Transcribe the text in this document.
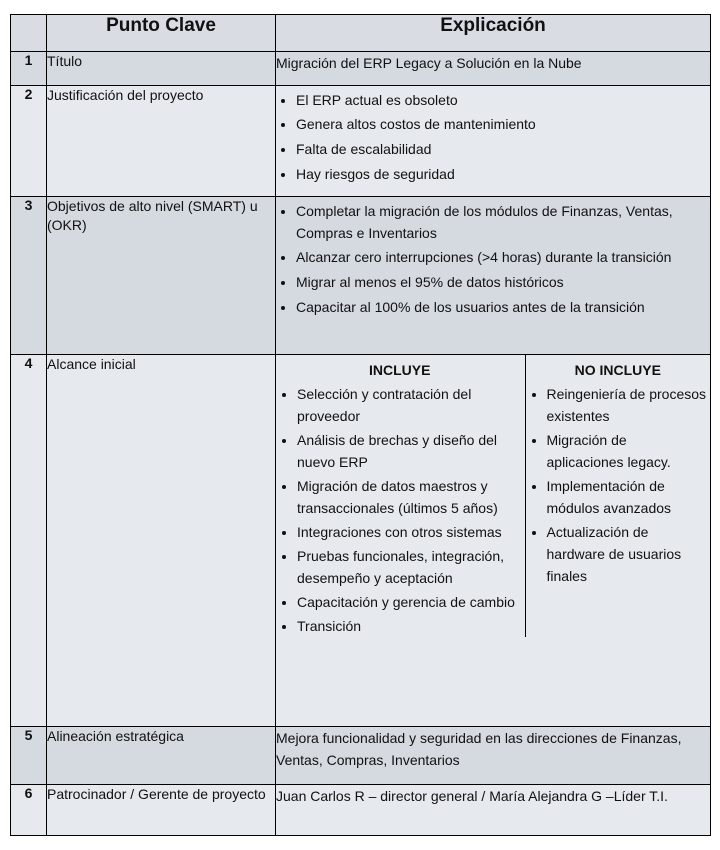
	Punto Clave	Explicación
1	Título	Migración del ERP Legacy a Solución en la Nube
2	Justificación del proyecto	
•El ERP actual es obsoleto
• Genera altos costos de mantenimiento
• Falta de escalabilidad
• Hay riesgos de seguridad

3	Objetivos de alto nivel (SMART) u (OKR)	
• Completar la migración de los módulos de Finanzas, Ventas, Compras e Inventarios
• Alcanzar cero interrupciones (>4 horas) durante la transición
• Migrar al menos el 95% de datos históricos
• Capacitar al 100% de los usuarios antes de la transición

4	Alcance inicial		INCLUYE
• Selección y contratación del proveedor
• Análisis de brechas y diseño del nuevo ERP
• Migración de datos maestros y transaccionales (últimos 5 años)
• Integraciones con otros sistemas
• Pruebas funcionales, integración, desempeño y aceptación
• Capacitación y gerencia de cambio
• Transición

NO INCLUYE
• Reingeniería de procesos existentes
• Migración de aplicaciones legacy.
• Implementación de módulos avanzados
• Actualización de hardware de usuarios finales

5	Alineación estratégica	Mejora funcionalidad y seguridad en las direcciones de Finanzas, Ventas, Compras, Inventarios
6	Patrocinador / Gerente de proyecto	Juan Carlos R – director general / María Alejandra G –Líder T.I.
